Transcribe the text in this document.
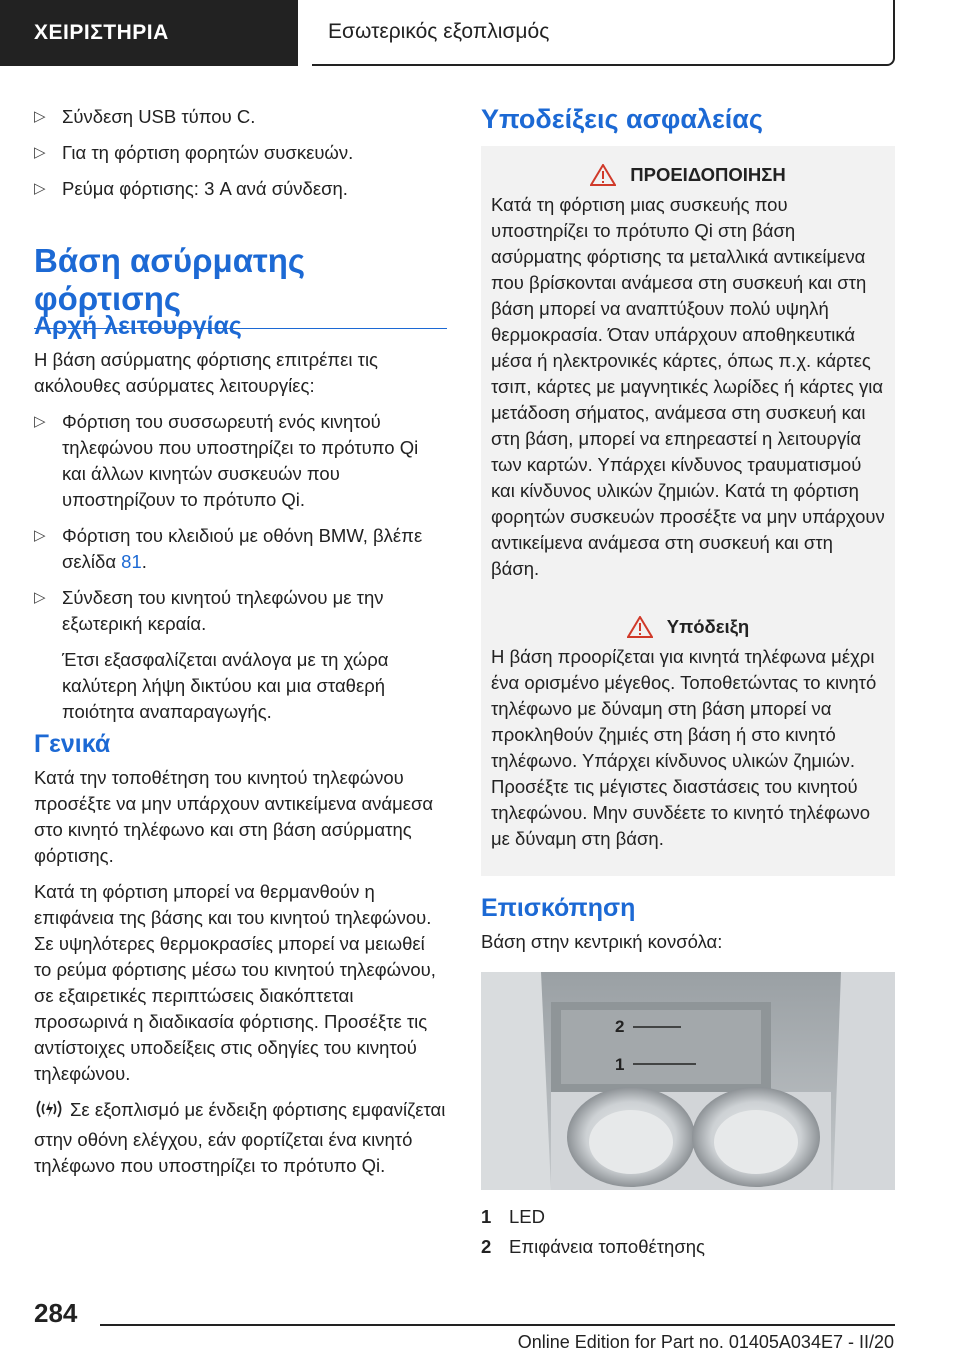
ΧΕΙΡΙΣΤΗΡΙΑ	Εσωτερικός εξοπλισμός
▷ Σύνδεση USB τύπου C.
▷ Για τη φόρτιση φορητών συσκευών.
▷ Ρεύμα φόρτισης: 3 A ανά σύνδεση.
Βάση ασύρματης φόρτισης
Αρχή λειτουργίας

Η βάση ασύρματης φόρτισης επιτρέπει τις ακόλουθες ασύρματες λειτουργίες:

▷ Φόρτιση του συσσωρευτή ενός κινητού τηλεφώνου που υποστηρίζει το πρότυπο Qi και άλλων κινητών συσκευών που υποστηρίζουν το πρότυπο Qi.
▷ Φόρτιση του κλειδιού με οθόνη BMW, βλέπε σελίδα 81.
▷ Σύνδεση του κινητού τηλεφώνου με την εξωτερική κεραία.
Έτσι εξασφαλίζεται ανάλογα με τη χώρα καλύτερη λήψη δικτύου και μια σταθερή ποιότητα αναπαραγωγής.
Γενικά

Κατά την τοποθέτηση του κινητού τηλεφώνου προσέξτε να μην υπάρχουν αντικείμενα ανάμεσα στο κινητό τηλέφωνο και στη βάση ασύρματης φόρτισης.

Κατά τη φόρτιση μπορεί να θερμανθούν η επιφάνεια της βάσης και του κινητού τηλεφώνου. Σε υψηλότερες θερμοκρασίες μπορεί να μειωθεί το ρεύμα φόρτισης μέσω του κινητού τηλεφώνου, σε εξαιρετικές περιπτώσεις διακόπτεται προσωρινά η διαδικασία φόρτισης. Προσέξτε τις αντίστοιχες υποδείξεις στις οδηγίες του κινητού τηλεφώνου.

Σε εξοπλισμό με ένδειξη φόρτισης εμφανίζεται στην οθόνη ελέγχου, εάν φορτίζεται ένα κινητό τηλέφωνο που υποστηρίζει το πρότυπο Qi.

Υποδείξεις ασφαλείας
ΠΡΟΕΙΔΟΠΟΙΗΣΗ

Κατά τη φόρτιση μιας συσκευής που υποστηρίζει το πρότυπο Qi στη βάση ασύρματης φόρτισης τα μεταλλικά αντικείμενα που βρίσκονται ανάμεσα στη συσκευή και στη βάση μπορεί να αναπτύξουν πολύ υψηλή θερμοκρασία. Όταν υπάρχουν αποθηκευτικά μέσα ή ηλεκτρονικές κάρτες, όπως π.χ. κάρτες τσιπ, κάρτες με μαγνητικές λωρίδες ή κάρτες για μετάδοση σήματος, ανάμεσα στη συσκευή και στη βάση, μπορεί να επηρεαστεί η λειτουργία των καρτών. Υπάρχει κίνδυνος τραυματισμού και κίνδυνος υλικών ζημιών. Κατά τη φόρτιση φορητών συσκευών προσέξτε να μην υπάρχουν αντικείμενα ανάμεσα στη συσκευή και στη βάση.

Υπόδειξη

Η βάση προορίζεται για κινητά τηλέφωνα μέχρι ένα ορισμένο μέγεθος. Τοποθετώντας το κινητό τηλέφωνο με δύναμη στη βάση μπορεί να προκληθούν ζημιές στη βάση ή στο κινητό τηλέφωνο. Υπάρχει κίνδυνος υλικών ζημιών. Προσέξτε τις μέγιστες διαστάσεις του κινητού τηλεφώνου. Μην συνδέετε το κινητό τηλέφωνο με δύναμη στη βάση.

Επισκόπηση

Βάση στην κεντρική κονσόλα:

2
1
1 LED
2 Επιφάνεια τοποθέτησης
284
Online Edition for Part no. 01405A034E7 - II/20
